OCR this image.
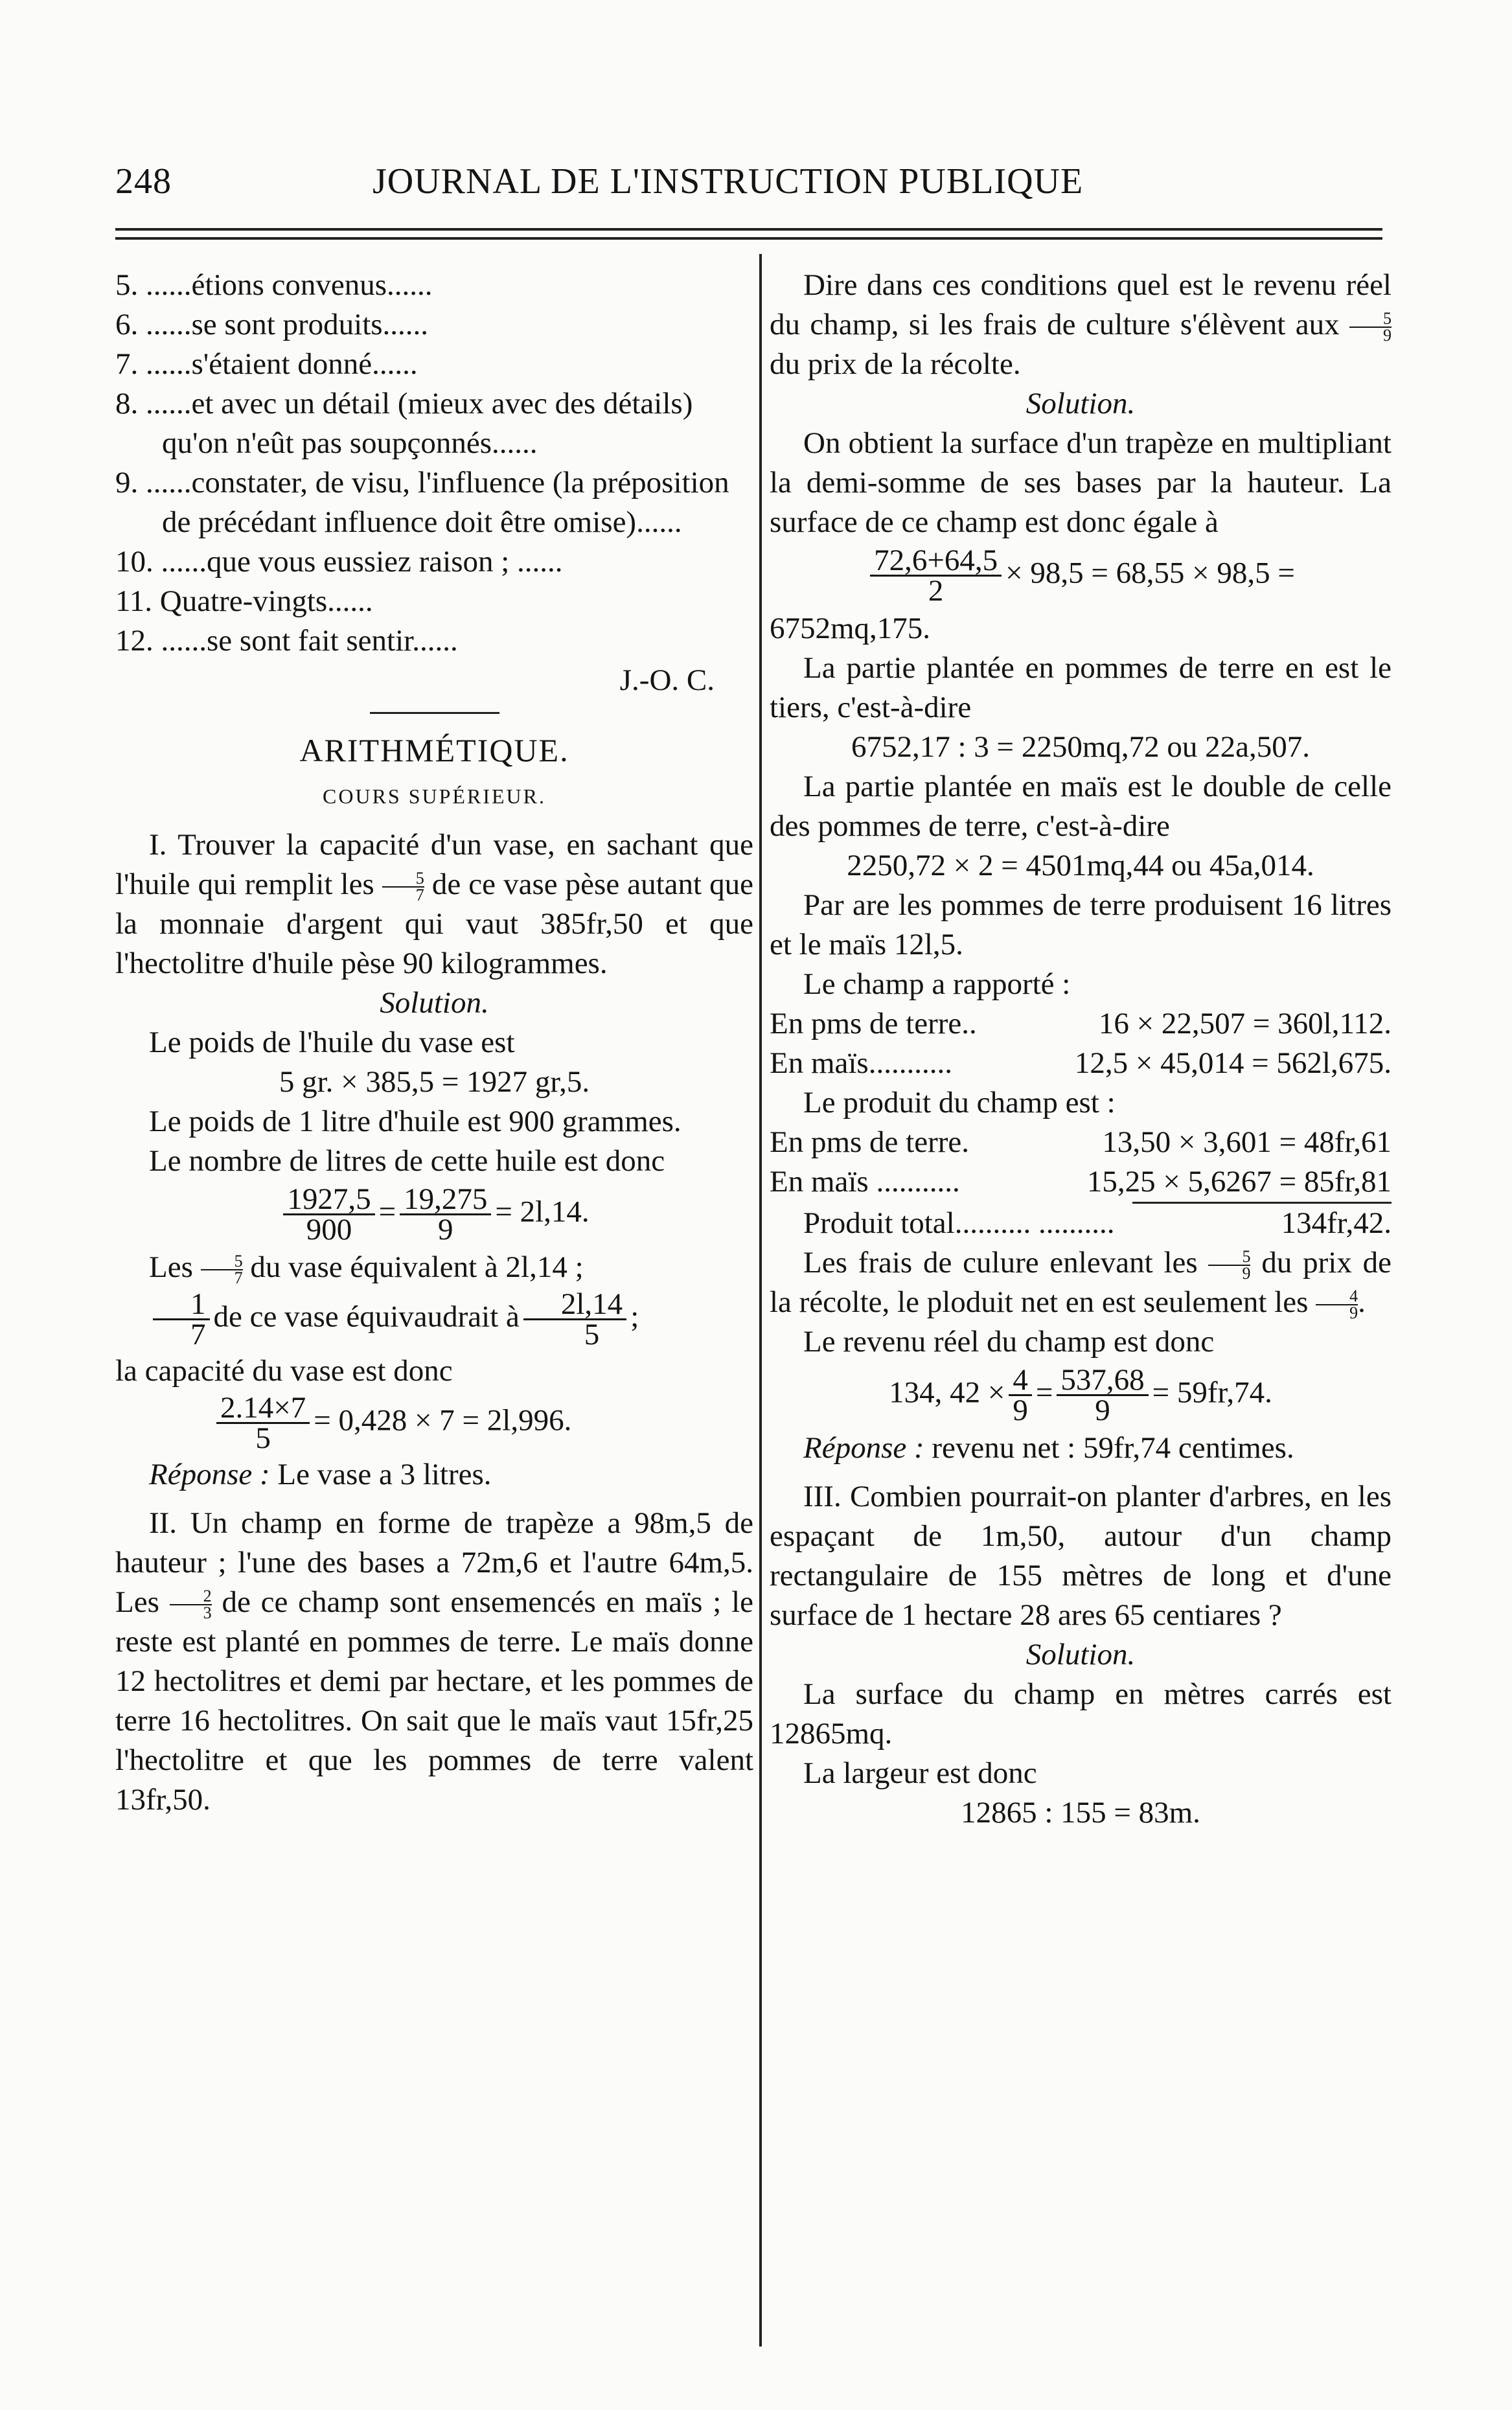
248	JOURNAL DE L'INSTRUCTION PUBLIQUE
5. ......étions convenus......
6. ......se sont produits......
7. ......s'étaient donné......
8. ......et avec un détail (mieux avec des détails) qu'on n'eût pas soupçonnés......
9. ......constater, de visu, l'influence (la préposition de précédant influence doit être omise)......
10. ......que vous eussiez raison ; ......
11. Quatre-vingts......
12. ......se sont fait sentir......

J.-O. C.

ARITHMÉTIQUE.

COURS SUPÉRIEUR.

I. Trouver la capacité d'un vase, en sachant que l'huile qui remplit les $\frac{5}{7}$ de ce vase pèse autant que la monnaie d'argent qui vaut 385fr,50 et que l'hectolitre d'huile pèse 90 kilogrammes.

Solution.

Le poids de l'huile du vase est

5 gr. × 385,5 = 1927 gr,5.

Le poids de 1 litre d'huile est 900 grammes.

Le nombre de litres de cette huile est donc

$\frac{1927,5}{900} = \frac{19,275}{9} = 2l,14$.

Les $\frac{5}{7}$ du vase équivalent à 2l,14 ;

$\frac{1}{7}$ de ce vase équivaudrait à $\frac{2l,14}{5}$ ;

la capacité du vase est donc

$\frac{2.14\times 7}{5} = 0,428 \times 7 = 2l,996$.

Réponse : Le vase a 3 litres.

II. Un champ en forme de trapèze a 98m,5 de hauteur ; l'une des bases a 72m,6 et l'autre 64m,5. Les $\frac{2}{3}$ de ce champ sont ensemencés en maïs ; le reste est planté en pommes de terre. Le maïs donne 12 hectolitres et demi par hectare, et les pommes de terre 16 hectolitres. On sait que le maïs vaut 15fr,25 l'hectolitre et que les pommes de terre valent 13fr,50.

Dire dans ces conditions quel est le revenu réel du champ, si les frais de culture s'élèvent aux $\frac{5}{9}$
du prix de la récolte.

Solution.

On obtient la surface d'un trapèze en multipliant la demi-somme de ses bases par la hauteur. La surface de ce champ est donc égale à

$\frac{72,6+64,5}{2} \times 98,5 = 68,55 \times 98,5$ =

6752mq,175.

La partie plantée en pommes de terre en est le tiers, c'est-à-dire

6752,17 : 3 = 2250mq,72 ou 22a,507.

La partie plantée en maïs est le double de celle des pommes de terre, c'est-à-dire

2250,72 × 2 = 4501mq,44 ou 45a,014.

Par are les pommes de terre produisent 16 litres et le maïs 12l,5.

Le champ a rapporté :

En pms de terre..	16 × 22,507 = 360l,112.
En maïs...........	12,5 × 45,014 = 562l,675.

Le produit du champ est :

En pms de terre.	13,50 × 3,601 = 48fr,61
En maïs ...........	15,25 × 5,6267 = 85fr,81
Produit total.......... ..........	134fr,42.

Les frais de culure enlevant les $\frac{5}{9}$ du prix de la récolte, le ploduit net en est seulement les $\frac{4}{9}$ .

Le revenu réel du champ est donc

134, $42 \times \frac{4}{9} = \frac{537,68}{9} = 59fr,74$.

Réponse : revenu net : 59fr,74 centimes.

III. Combien pourrait-on planter d'arbres, en les espaçant de 1m,50, autour d'un champ rectangulaire de 155 mètres de long et d'une surface de 1 hectare 28 ares 65 centiares ?

Solution.

La surface du champ en mètres carrés est 12865mq.

La largeur est donc

12865 : 155 = 83m.
